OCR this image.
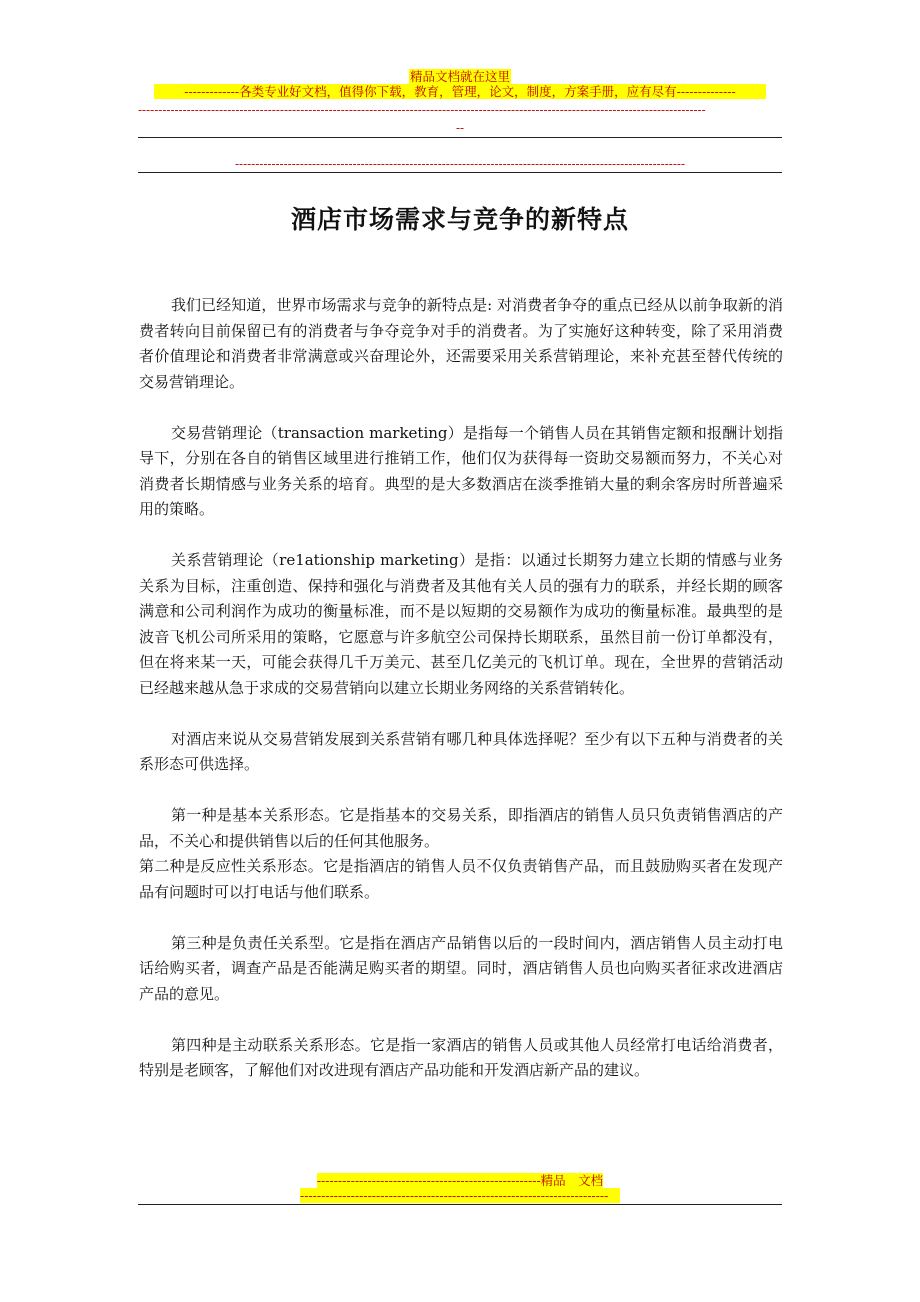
精品文档就在这里
-------------各类专业好文档，值得你下载，教育，管理，论文，制度，方案手册，应有尽有--------------
--------------------------------------------------------------------------------------------------------------------------------------------
--
---------------------------------------------------------------------------------------------------------------
酒店市场需求与竞争的新特点

我们已经知道，世界市场需求与竞争的新特点是: 对消费者争夺的重点已经从以前争取新的消费者转向目前保留已有的消费者与争夺竞争对手的消费者。为了实施好这种转变，除了采用消费者价值理论和消费者非常满意或兴奋理论外，还需要采用关系营销理论，来补充甚至替代传统的交易营销理论。

交易营销理论（transaction marketing）是指每一个销售人员在其销售定额和报酬计划指导下，分别在各自的销售区域里进行推销工作，他们仅为获得每一资助交易额而努力，不关心对消费者长期情感与业务关系的培育。典型的是大多数酒店在淡季推销大量的剩余客房时所普遍采用的策略。

关系营销理论（re1ationship marketing）是指：以通过长期努力建立长期的情感与业务关系为目标，注重创造、保持和强化与消费者及其他有关人员的强有力的联系，并经长期的顾客满意和公司利润作为成功的衡量标准，而不是以短期的交易额作为成功的衡量标准。最典型的是波音飞机公司所采用的策略，它愿意与许多航空公司保持长期联系，虽然目前一份订单都没有，但在将来某一天，可能会获得几千万美元、甚至几亿美元的飞机订单。现在，全世界的营销活动已经越来越从急于求成的交易营销向以建立长期业务网络的关系营销转化。

对酒店来说从交易营销发展到关系营销有哪几种具体选择呢？至少有以下五种与消费者的关系形态可供选择。

第一种是基本关系形态。它是指基本的交易关系，即指酒店的销售人员只负责销售酒店的产品，不关心和提供销售以后的任何其他服务。

第二种是反应性关系形态。它是指酒店的销售人员不仅负责销售产品，而且鼓励购买者在发现产品有问题时可以打电话与他们联系。

第三种是负责任关系型。它是指在酒店产品销售以后的一段时间内，酒店销售人员主动打电话给购买者，调查产品是否能满足购买者的期望。同时，酒店销售人员也向购买者征求改进酒店产品的意见。

第四种是主动联系关系形态。它是指一家酒店的销售人员或其他人员经常打电话给消费者，特别是老顾客，了解他们对改进现有酒店产品功能和开发酒店新产品的建议。

-----------------------------------------------------精品　文档
-------------------------------------------------------------------------
